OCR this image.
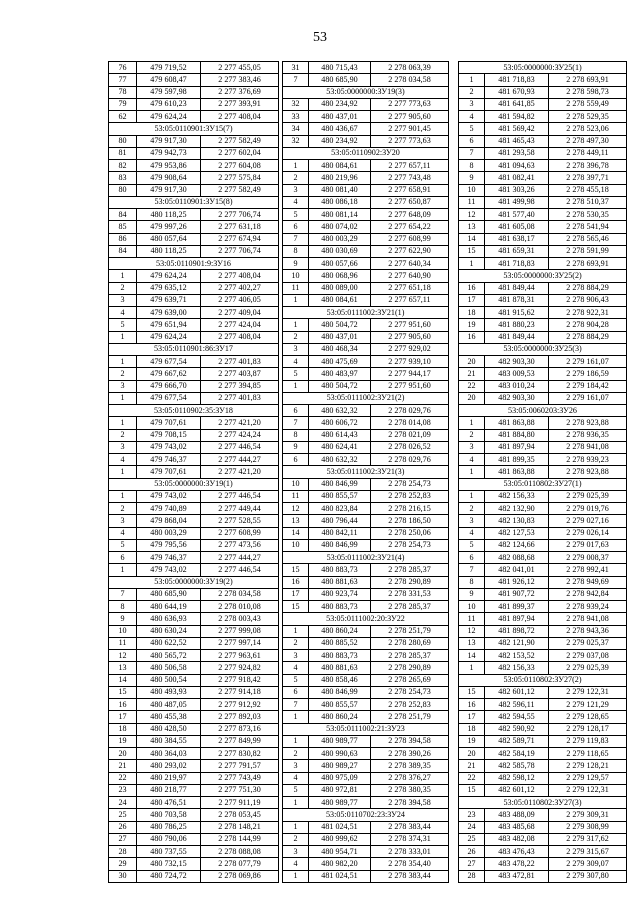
53
76	479 719,52	2 277 455,05
77	479 608,47	2 277 383,46
78	479 597,98	2 277 376,69
79	479 610,23	2 277 393,91
62	479 624,24	2 277 408,04
53:05:0110901:ЗУ15(7)		
80	479 917,30	2 277 582,49
81	479 942,73	2 277 602,04
82	479 953,86	2 277 604,08
83	479 908,64	2 277 575,84
80	479 917,30	2 277 582,49
53:05:0110901:ЗУ15(8)		
84	480 118,25	2 277 706,74
85	479 997,26	2 277 631,18
86	480 057,64	2 277 674,94
84	480 118,25	2 277 706,74
53:05:0110901:9:ЗУ16		
1	479 624,24	2 277 408,04
2	479 635,12	2 277 402,27
3	479 639,71	2 277 406,05
4	479 639,00	2 277 409,04
5	479 651,94	2 277 424,04
1	479 624,24	2 277 408,04
53:05:0110901:86:ЗУ17		
1	479 677,54	2 277 401,83
2	479 667,62	2 277 403,87
3	479 666,70	2 277 394,85
1	479 677,54	2 277 401,83
53:05:0110902:35:ЗУ18		
1	479 707,61	2 277 421,20
2	479 708,15	2 277 424,24
3	479 743,02	2 277 446,54
4	479 746,37	2 277 444,27
1	479 707,61	2 277 421,20
53:05:0000000:ЗУ19(1)		
1	479 743,02	2 277 446,54
2	479 740,89	2 277 449,44
3	479 868,04	2 277 528,55
4	480 003,29	2 277 608,99
5	479 795,56	2 277 473,56
6	479 746,37	2 277 444,27
1	479 743,02	2 277 446,54
53:05:0000000:ЗУ19(2)		
7	480 685,90	2 278 034,58
8	480 644,19	2 278 010,08
9	480 636,93	2 278 003,43
10	480 630,24	2 277 999,08
11	480 622,52	2 277 997,14
12	480 565,72	2 277 963,61
13	480 506,58	2 277 924,82
14	480 500,54	2 277 918,42
15	480 493,93	2 277 914,18
16	480 487,05	2 277 912,92
17	480 455,38	2 277 892,03
18	480 428,50	2 277 873,16
19	480 384,55	2 277 849,99
20	480 364,03	2 277 830,82
21	480 293,02	2 277 791,57
22	480 219,97	2 277 743,49
23	480 218,77	2 277 751,30
24	480 476,51	2 277 911,19
25	480 703,58	2 278 053,45
26	480 786,25	2 278 148,21
27	480 790,06	2 278 144,99
28	480 737,55	2 278 088,08
29	480 732,15	2 278 077,79
30	480 724,72	2 278 069,86
31	480 715,43	2 278 063,39
7	480 685,90	2 278 034,58
53:05:0000000:ЗУ19(3)		
32	480 234,92	2 277 773,63
33	480 437,01	2 277 905,60
34	480 436,67	2 277 901,45
32	480 234,92	2 277 773,63
53:05:0110902:ЗУ20		
1	480 084,61	2 277 657,11
2	480 219,96	2 277 743,48
3	480 081,40	2 277 658,91
4	480 086,18	2 277 650,87
5	480 081,14	2 277 648,09
6	480 074,02	2 277 654,22
7	480 003,29	2 277 608,99
8	480 030,69	2 277 622,90
9	480 057,66	2 277 640,34
10	480 068,96	2 277 640,90
11	480 089,00	2 277 651,18
1	480 084,61	2 277 657,11
53:05:0111002:ЗУ21(1)		
1	480 504,72	2 277 951,60
2	480 437,01	2 277 905,60
3	480 468,34	2 277 929,02
4	480 475,69	2 277 939,10
5	480 483,97	2 277 944,17
1	480 504,72	2 277 951,60
53:05:0111002:ЗУ21(2)		
6	480 632,32	2 278 029,76
7	480 606,72	2 278 014,08
8	480 614,43	2 278 021,09
9	480 624,41	2 278 026,52
6	480 632,32	2 278 029,76
53:05:0111002:ЗУ21(3)		
10	480 846,99	2 278 254,73
11	480 855,57	2 278 252,83
12	480 823,84	2 278 216,15
13	480 796,44	2 278 186,50
14	480 842,11	2 278 250,06
10	480 846,99	2 278 254,73
53:05:0111002:ЗУ21(4)		
15	480 883,73	2 278 285,37
16	480 881,63	2 278 290,89
17	480 923,74	2 278 331,53
15	480 883,73	2 278 285,37
53:05:0111002:20:ЗУ22		
1	480 860,24	2 278 251,79
2	480 885,52	2 278 280,69
3	480 883,73	2 278 285,37
4	480 881,63	2 278 290,89
5	480 858,46	2 278 265,69
6	480 846,99	2 278 254,73
7	480 855,57	2 278 252,83
1	480 860,24	2 278 251,79
53:05:0111002:21:ЗУ23		
1	480 989,77	2 278 394,58
2	480 990,63	2 278 390,26
3	480 989,27	2 278 389,35
4	480 975,09	2 278 376,27
5	480 972,81	2 278 380,35
1	480 989,77	2 278 394,58
53:05:0110702:23:ЗУ24		
1	481 024,51	2 278 383,44
2	480 999,62	2 278 374,31
3	480 954,71	2 278 333,01
4	480 982,20	2 278 354,40
1	481 024,51	2 278 383,44
53:05:0000000:ЗУ25(1)		
1	481 718,83	2 278 693,91
2	481 670,93	2 278 598,73
3	481 641,85	2 278 559,49
4	481 594,82	2 278 529,35
5	481 569,42	2 278 523,06
6	481 465,43	2 278 497,30
7	481 293,58	2 278 449,11
8	481 094,63	2 278 396,78
9	481 082,41	2 278 397,71
10	481 303,26	2 278 455,18
11	481 499,98	2 278 510,37
12	481 577,40	2 278 530,35
13	481 605,08	2 278 541,94
14	481 638,17	2 278 565,46
15	481 659,31	2 278 591,99
1	481 718,83	2 278 693,91
53:05:0000000:ЗУ25(2)		
16	481 849,44	2 278 884,29
17	481 878,31	2 278 906,43
18	481 915,62	2 278 922,31
19	481 880,23	2 278 904,28
16	481 849,44	2 278 884,29
53:05:0000000:ЗУ25(3)		
20	482 903,30	2 279 161,07
21	483 009,53	2 279 186,59
22	483 010,24	2 279 184,42
20	482 903,30	2 279 161,07
53:05:0060203:ЗУ26		
1	481 863,88	2 278 923,88
2	481 884,80	2 278 936,35
3	481 897,94	2 278 941,08
4	481 899,35	2 278 939,23
1	481 863,88	2 278 923,88
53:05:0110802:ЗУ27(1)		
1	482 156,33	2 279 025,39
2	482 132,90	2 279 019,76
3	482 130,83	2 279 027,16
4	482 127,53	2 279 026,14
5	482 124,66	2 279 017,63
6	482 088,68	2 279 008,37
7	482 041,01	2 278 992,41
8	481 926,12	2 278 949,69
9	481 907,72	2 278 942,84
10	481 899,37	2 278 939,24
11	481 897,94	2 278 941,08
12	481 898,72	2 278 943,36
13	482 121,90	2 279 025,37
14	482 153,52	2 279 037,08
1	482 156,33	2 279 025,39
53:05:0110802:ЗУ27(2)		
15	482 601,12	2 279 122,31
16	482 596,11	2 279 121,29
17	482 594,55	2 279 128,65
18	482 590,92	2 279 128,17
19	482 589,71	2 279 119,83
20	482 584,19	2 279 118,65
21	482 585,78	2 279 128,21
22	482 598,12	2 279 129,57
15	482 601,12	2 279 122,31
53:05:0110802:ЗУ27(3)		
23	483 488,09	2 279 309,31
24	483 485,68	2 279 308,99
25	483 482,08	2 279 317,62
26	483 476,43	2 279 315,67
27	483 478,22	2 279 309,07
28	483 472,81	2 279 307,80
